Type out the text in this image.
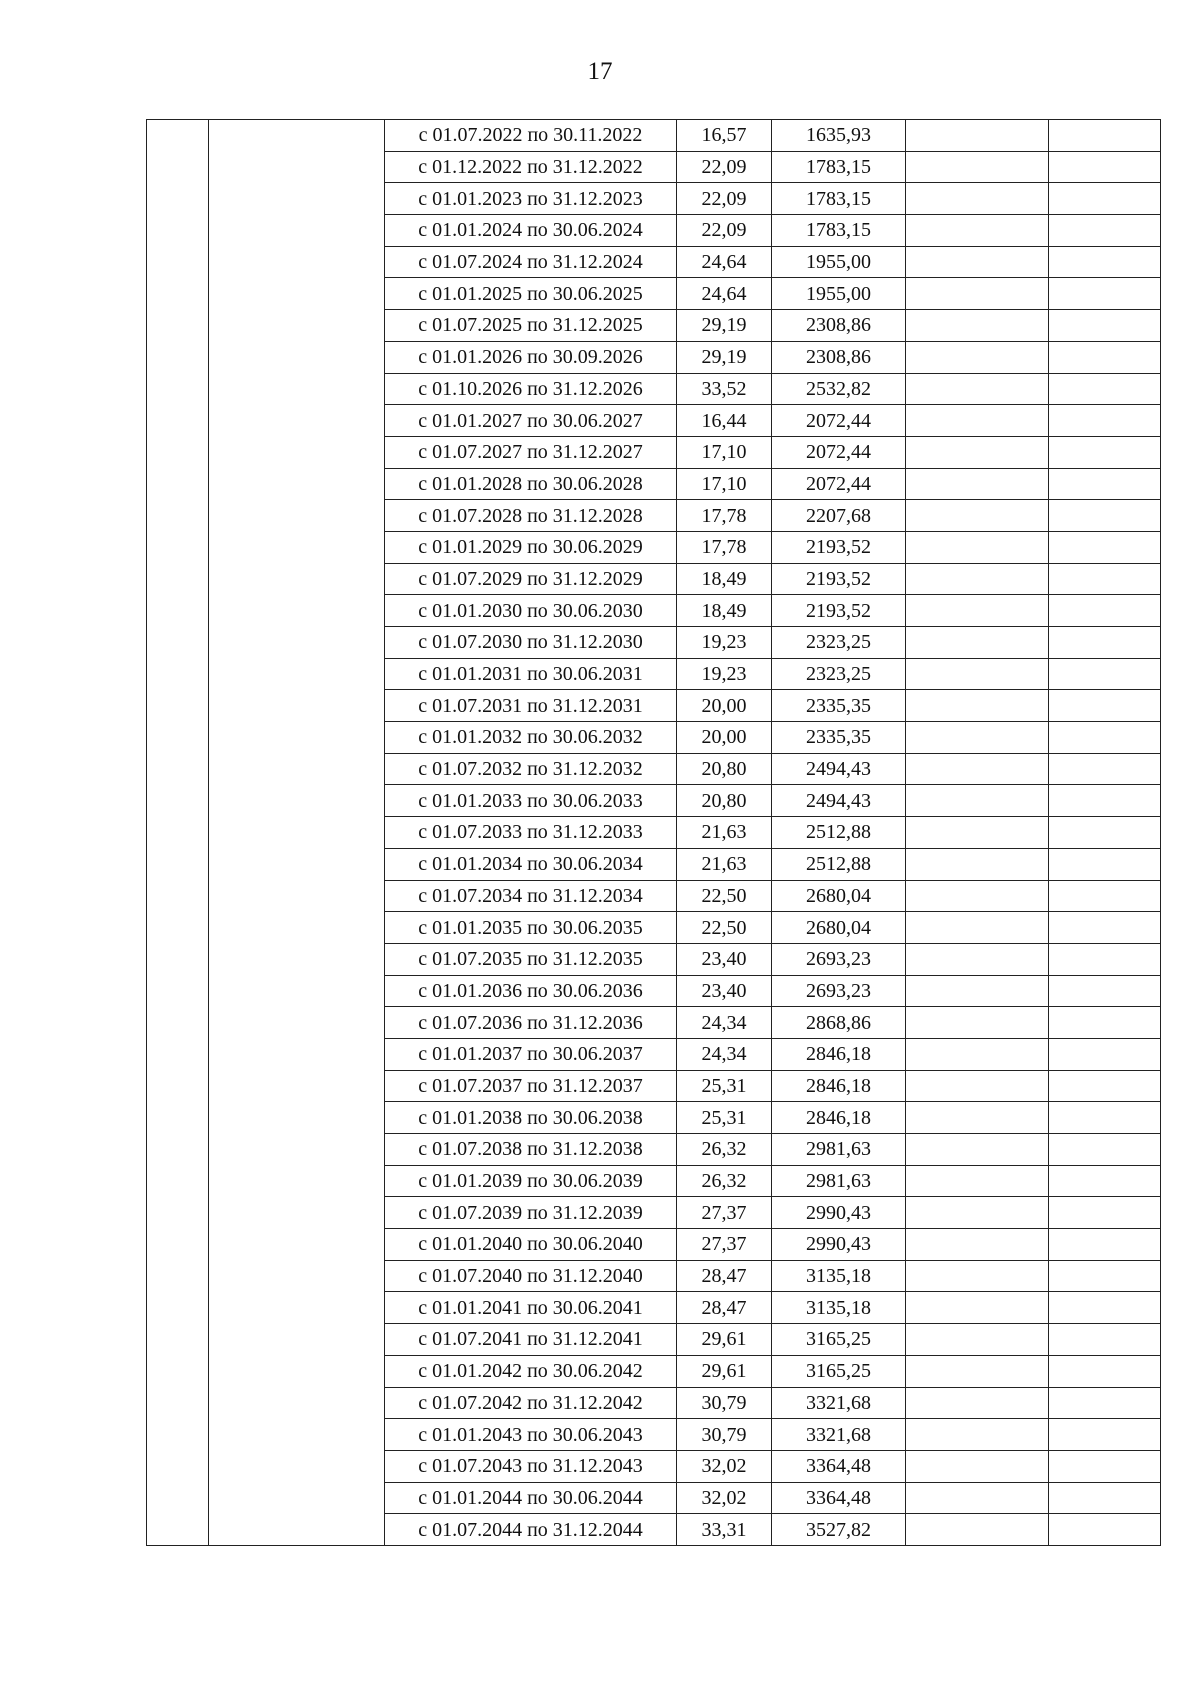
17
		с 01.07.2022 по 30.11.2022	16,57	1635,93		
		с 01.12.2022 по 31.12.2022	22,09	1783,15		
		с 01.01.2023 по 31.12.2023	22,09	1783,15		
		с 01.01.2024 по 30.06.2024	22,09	1783,15		
		с 01.07.2024 по 31.12.2024	24,64	1955,00		
		с 01.01.2025 по 30.06.2025	24,64	1955,00		
		с 01.07.2025 по 31.12.2025	29,19	2308,86		
		с 01.01.2026 по 30.09.2026	29,19	2308,86		
		с 01.10.2026 по 31.12.2026	33,52	2532,82		
		с 01.01.2027 по 30.06.2027	16,44	2072,44		
		с 01.07.2027 по 31.12.2027	17,10	2072,44		
		с 01.01.2028 по 30.06.2028	17,10	2072,44		
		с 01.07.2028 по 31.12.2028	17,78	2207,68		
		с 01.01.2029 по 30.06.2029	17,78	2193,52		
		с 01.07.2029 по 31.12.2029	18,49	2193,52		
		с 01.01.2030 по 30.06.2030	18,49	2193,52		
		с 01.07.2030 по 31.12.2030	19,23	2323,25		
		с 01.01.2031 по 30.06.2031	19,23	2323,25		
		с 01.07.2031 по 31.12.2031	20,00	2335,35		
		с 01.01.2032 по 30.06.2032	20,00	2335,35		
		с 01.07.2032 по 31.12.2032	20,80	2494,43		
		с 01.01.2033 по 30.06.2033	20,80	2494,43		
		с 01.07.2033 по 31.12.2033	21,63	2512,88		
		с 01.01.2034 по 30.06.2034	21,63	2512,88		
		с 01.07.2034 по 31.12.2034	22,50	2680,04		
		с 01.01.2035 по 30.06.2035	22,50	2680,04		
		с 01.07.2035 по 31.12.2035	23,40	2693,23		
		с 01.01.2036 по 30.06.2036	23,40	2693,23		
		с 01.07.2036 по 31.12.2036	24,34	2868,86		
		с 01.01.2037 по 30.06.2037	24,34	2846,18		
		с 01.07.2037 по 31.12.2037	25,31	2846,18		
		с 01.01.2038 по 30.06.2038	25,31	2846,18		
		с 01.07.2038 по 31.12.2038	26,32	2981,63		
		с 01.01.2039 по 30.06.2039	26,32	2981,63		
		с 01.07.2039 по 31.12.2039	27,37	2990,43		
		с 01.01.2040 по 30.06.2040	27,37	2990,43		
		с 01.07.2040 по 31.12.2040	28,47	3135,18		
		с 01.01.2041 по 30.06.2041	28,47	3135,18		
		с 01.07.2041 по 31.12.2041	29,61	3165,25		
		с 01.01.2042 по 30.06.2042	29,61	3165,25		
		с 01.07.2042 по 31.12.2042	30,79	3321,68		
		с 01.01.2043 по 30.06.2043	30,79	3321,68		
		с 01.07.2043 по 31.12.2043	32,02	3364,48		
		с 01.01.2044 по 30.06.2044	32,02	3364,48		
		с 01.07.2044 по 31.12.2044	33,31	3527,82		
